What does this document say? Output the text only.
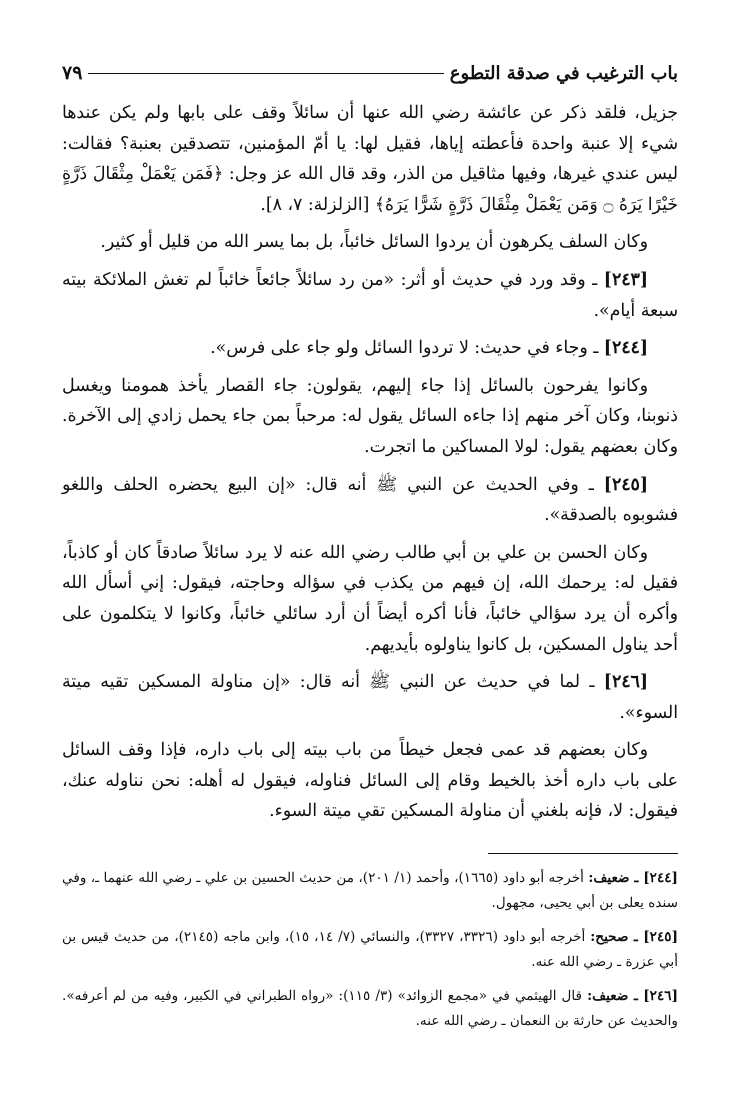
باب الترغيب في صدقة التطوع
٧٩

جزيل، فلقد ذكر عن عائشة رضي الله عنها أن سائلاً وقف على بابها ولم يكن عندها شيء إلا عنبة واحدة فأعطته إياها، فقيل لها: يا أمّ المؤمنين، تتصدقين بعنبة؟ فقالت: ليس عندي غيرها، وفيها مثاقيل من الذر، وقد قال الله عز وجل: ﴿فَمَن يَعْمَلْ مِثْقَالَ ذَرَّةٍ خَيْرًا يَرَهُ ۝ وَمَن يَعْمَلْ مِثْقَالَ ذَرَّةٍ شَرًّا يَرَهُ﴾ [الزلزلة: ٧، ٨].

وكان السلف يكرهون أن يردوا السائل خائباً، بل بما يسر الله من قليل أو كثير.

[٢٤٣] ـ وقد ورد في حديث أو أثر: «من رد سائلاً جائعاً خائباً لم تغش الملائكة بيته سبعة أيام».

[٢٤٤] ـ وجاء في حديث: لا تردوا السائل ولو جاء على فرس».

وكانوا يفرحون بالسائل إذا جاء إليهم، يقولون: جاء القصار يأخذ همومنا ويغسل ذنوبنا، وكان آخر منهم إذا جاءه السائل يقول له: مرحباً بمن جاء يحمل زادي إلى الآخرة. وكان بعضهم يقول: لولا المساكين ما اتجرت.

[٢٤٥] ـ وفي الحديث عن النبي ﷺ أنه قال: «إن البيع يحضره الحلف واللغو فشوبوه بالصدقة».

وكان الحسن بن علي بن أبي طالب رضي الله عنه لا يرد سائلاً صادقاً كان أو كاذباً، فقيل له: يرحمك الله، إن فيهم من يكذب في سؤاله وحاجته، فيقول: إني أسأل الله وأكره أن يرد سؤالي خائباً، فأنا أكره أيضاً أن أرد سائلي خائباً، وكانوا لا يتكلمون على أحد يناول المسكين، بل كانوا يناولوه بأيديهم.

[٢٤٦] ـ لما في حديث عن النبي ﷺ أنه قال: «إن مناولة المسكين تقيه ميتة السوء».

وكان بعضهم قد عمى فجعل خيطاً من باب بيته إلى باب داره، فإذا وقف السائل على باب داره أخذ بالخيط وقام إلى السائل فناوله، فيقول له أهله: نحن نناوله عنك، فيقول: لا، فإنه بلغني أن مناولة المسكين تقي ميتة السوء.

[٢٤٤] ـ ضعيف: أخرجه أبو داود (١٦٦٥)، وأحمد (١/ ٢٠١)، من حديث الحسين بن علي ـ رضي الله عنهما ـ، وفي سنده يعلى بن أبي يحيى، مجهول.

[٢٤٥] ـ صحيح: أخرجه أبو داود (٣٣٢٦، ٣٣٢٧)، والنسائي (٧/ ١٤، ١٥)، وابن ماجه (٢١٤٥)، من حديث قيس بن أبي عزرة ـ رضي الله عنه.

[٢٤٦] ـ ضعيف: قال الهيثمي في «مجمع الزوائد» (٣/ ١١٥): «رواه الطبراني في الكبير، وفيه من لم أعرفه». والحديث عن حارثة بن النعمان ـ رضي الله عنه.
